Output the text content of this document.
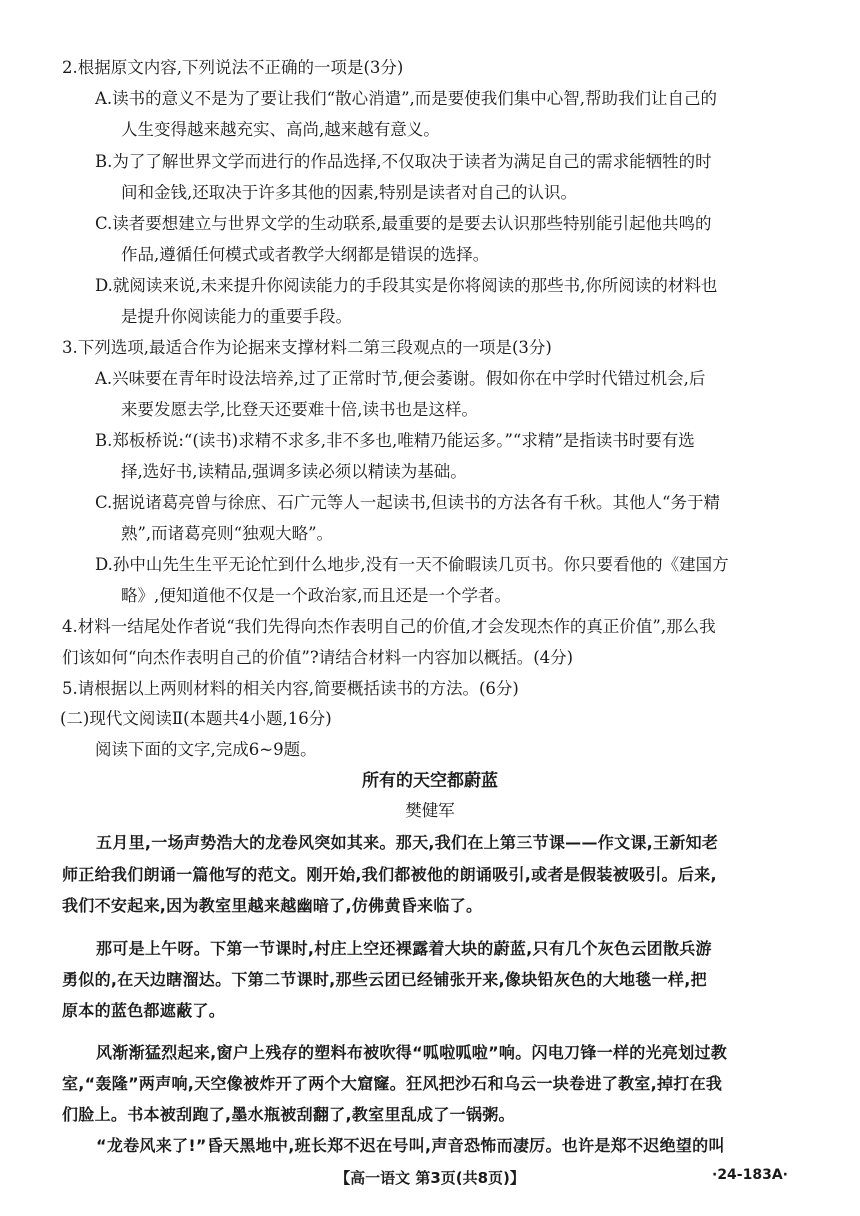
2.根据原文内容,下列说法不正确的一项是(3分)
A.读书的意义不是为了要让我们“散心消遣”,而是要使我们集中心智,帮助我们让自己的
人生变得越来越充实、高尚,越来越有意义。
B.为了了解世界文学而进行的作品选择,不仅取决于读者为满足自己的需求能牺牲的时
间和金钱,还取决于许多其他的因素,特别是读者对自己的认识。
C.读者要想建立与世界文学的生动联系,最重要的是要去认识那些特别能引起他共鸣的
作品,遵循任何模式或者教学大纲都是错误的选择。
D.就阅读来说,未来提升你阅读能力的手段其实是你将阅读的那些书,你所阅读的材料也
是提升你阅读能力的重要手段。
3.下列选项,最适合作为论据来支撑材料二第三段观点的一项是(3分)
A.兴味要在青年时设法培养,过了正常时节,便会萎谢。假如你在中学时代错过机会,后
来要发愿去学,比登天还要难十倍,读书也是这样。
B.郑板桥说:“(读书)求精不求多,非不多也,唯精乃能运多。”“求精”是指读书时要有选
择,选好书,读精品,强调多读必须以精读为基础。
C.据说诸葛亮曾与徐庶、石广元等人一起读书,但读书的方法各有千秋。其他人“务于精
熟”,而诸葛亮则“独观大略”。
D.孙中山先生生平无论忙到什么地步,没有一天不偷暇读几页书。你只要看他的《建国方
略》,便知道他不仅是一个政治家,而且还是一个学者。
4.材料一结尾处作者说“我们先得向杰作表明自己的价值,才会发现杰作的真正价值”,那么我
们该如何“向杰作表明自己的价值”?请结合材料一内容加以概括。(4分)
5.请根据以上两则材料的相关内容,简要概括读书的方法。(6分)
(二)现代文阅读Ⅱ(本题共4小题,16分)
阅读下面的文字,完成6~9题。
所有的天空都蔚蓝
樊健军
五月里,一场声势浩大的龙卷风突如其来。那天,我们在上第三节课——作文课,王新知老
师正给我们朗诵一篇他写的范文。刚开始,我们都被他的朗诵吸引,或者是假装被吸引。后来,
我们不安起来,因为教室里越来越幽暗了,仿佛黄昏来临了。
那可是上午呀。下第一节课时,村庄上空还裸露着大块的蔚蓝,只有几个灰色云团散兵游
勇似的,在天边瞎溜达。下第二节课时,那些云团已经铺张开来,像块铅灰色的大地毯一样,把
原本的蓝色都遮蔽了。
风渐渐猛烈起来,窗户上残存的塑料布被吹得“呱啦呱啦”响。闪电刀锋一样的光亮划过教
室,“轰隆”两声响,天空像被炸开了两个大窟窿。狂风把沙石和乌云一块卷进了教室,掉打在我
们脸上。书本被刮跑了,墨水瓶被刮翻了,教室里乱成了一锅粥。
“龙卷风来了!”昏天黑地中,班长郑不迟在号叫,声音恐怖而凄厉。也许是郑不迟绝望的叫
【高一语文 第3页(共8页)】	·24-183A·
